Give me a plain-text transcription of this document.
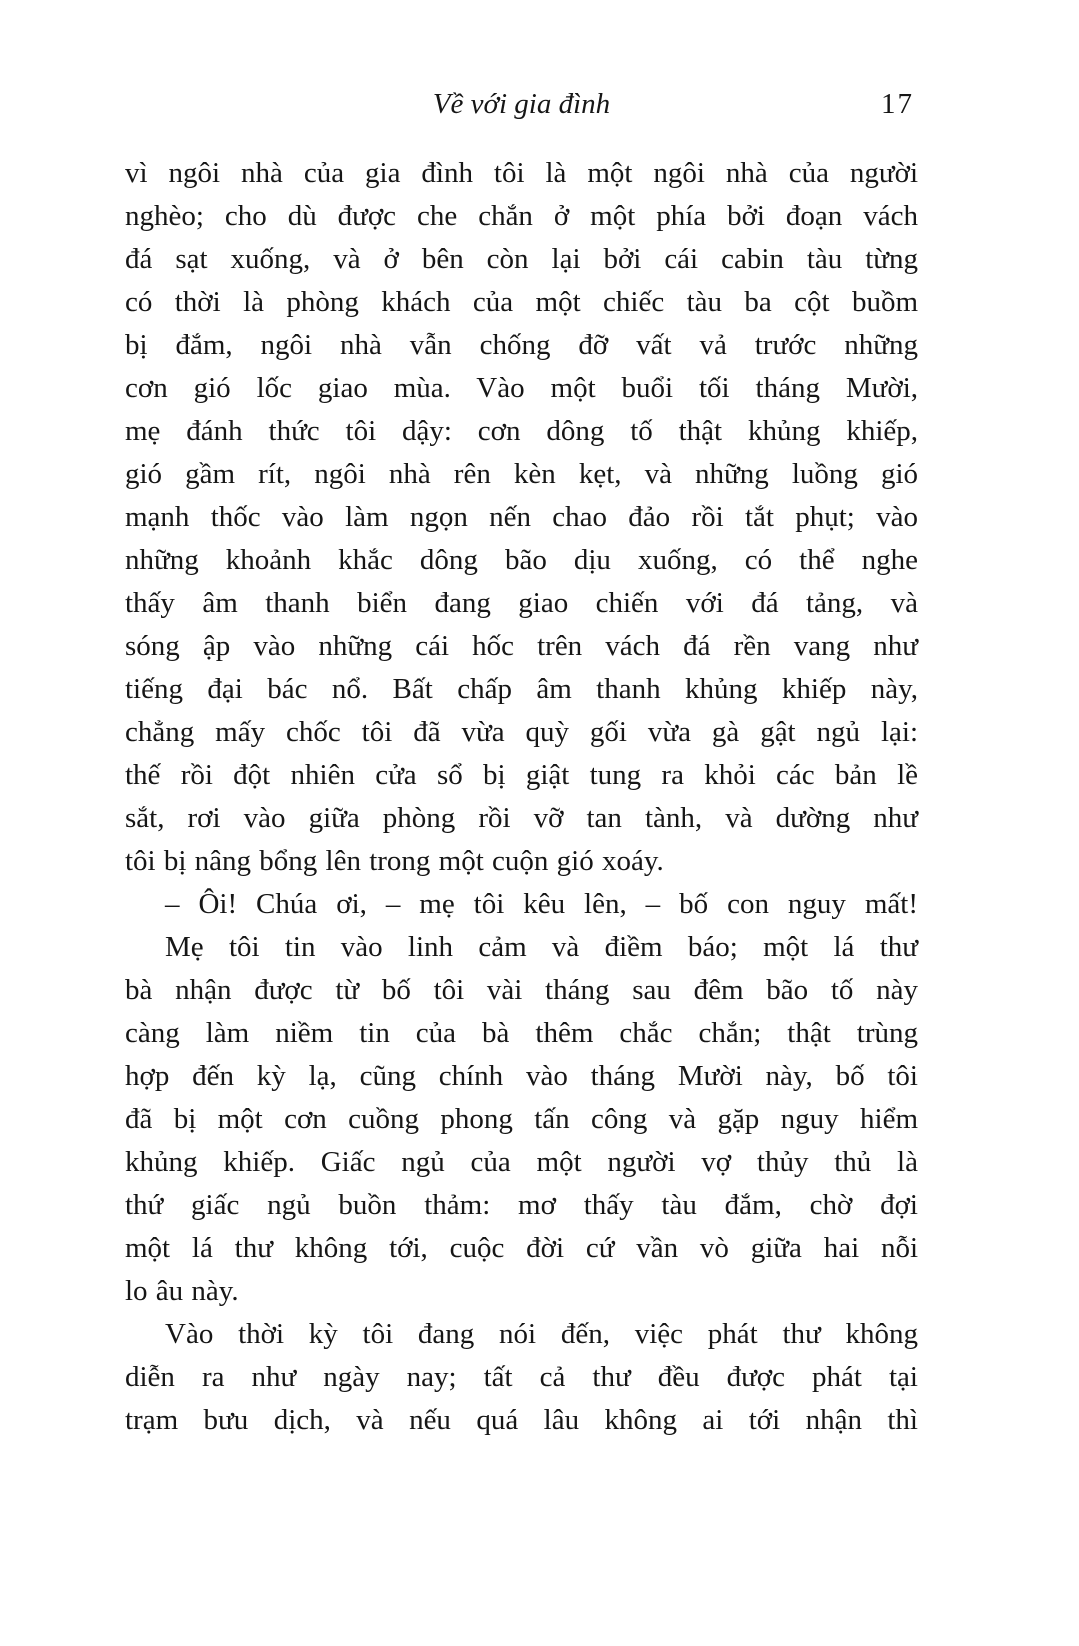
Về với gia đình	17
vì ngôi nhà của gia đình tôi là một ngôi nhà của người
nghèo; cho dù được che chắn ở một phía bởi đoạn vách
đá sạt xuống, và ở bên còn lại bởi cái cabin tàu từng
có thời là phòng khách của một chiếc tàu ba cột buồm
bị đắm, ngôi nhà vẫn chống đỡ vất vả trước những
cơn gió lốc giao mùa. Vào một buổi tối tháng Mười,
mẹ đánh thức tôi dậy: cơn dông tố thật khủng khiếp,
gió gầm rít, ngôi nhà rên kèn kẹt, và những luồng gió
mạnh thốc vào làm ngọn nến chao đảo rồi tắt phụt; vào
những khoảnh khắc dông bão dịu xuống, có thể nghe
thấy âm thanh biển đang giao chiến với đá tảng, và
sóng ập vào những cái hốc trên vách đá rền vang như
tiếng đại bác nổ. Bất chấp âm thanh khủng khiếp này,
chẳng mấy chốc tôi đã vừa quỳ gối vừa gà gật ngủ lại:
thế rồi đột nhiên cửa sổ bị giật tung ra khỏi các bản lề
sắt, rơi vào giữa phòng rồi vỡ tan tành, và dường như
tôi bị nâng bổng lên trong một cuộn gió xoáy.
– Ôi! Chúa ơi, – mẹ tôi kêu lên, – bố con nguy mất!
Mẹ tôi tin vào linh cảm và điềm báo; một lá thư
bà nhận được từ bố tôi vài tháng sau đêm bão tố này
càng làm niềm tin của bà thêm chắc chắn; thật trùng
hợp đến kỳ lạ, cũng chính vào tháng Mười này, bố tôi
đã bị một cơn cuồng phong tấn công và gặp nguy hiểm
khủng khiếp. Giấc ngủ của một người vợ thủy thủ là
thứ giấc ngủ buồn thảm: mơ thấy tàu đắm, chờ đợi
một lá thư không tới, cuộc đời cứ vần vò giữa hai nỗi
lo âu này.
Vào thời kỳ tôi đang nói đến, việc phát thư không
diễn ra như ngày nay; tất cả thư đều được phát tại
trạm bưu dịch, và nếu quá lâu không ai tới nhận thì
